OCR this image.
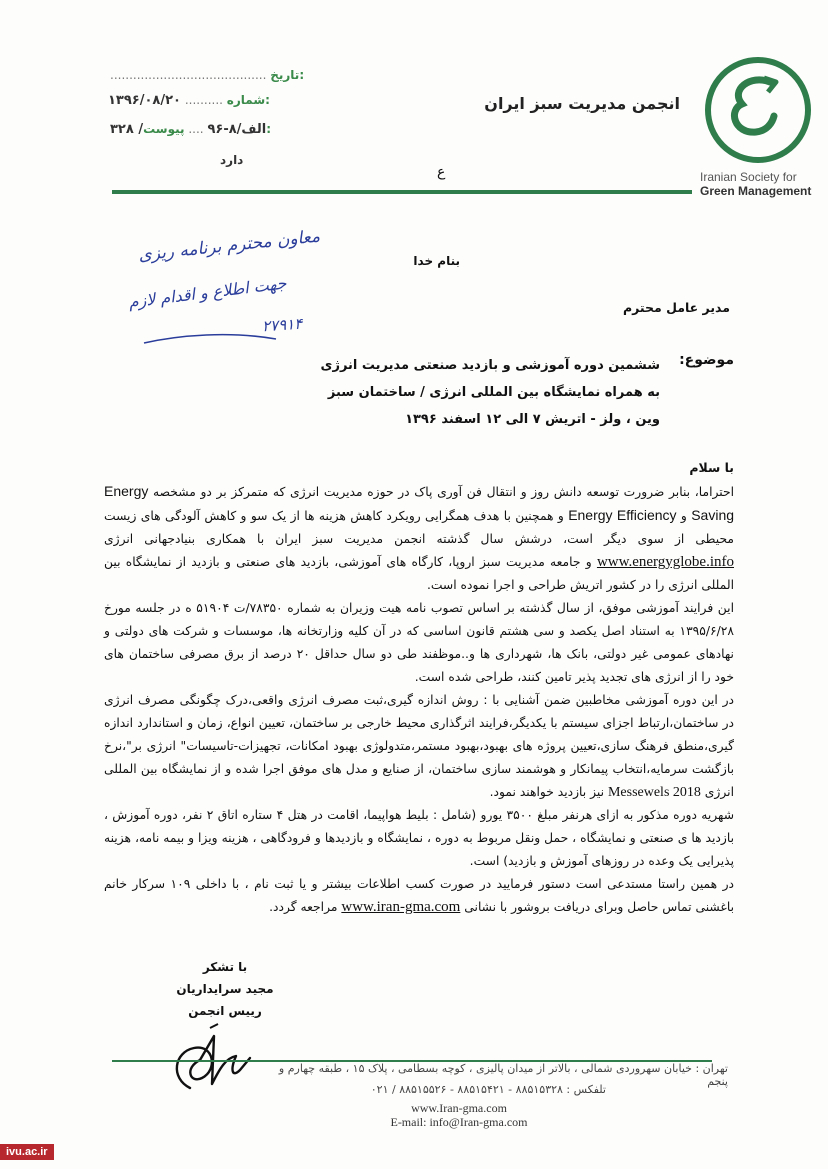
......................................... تاریخ:
۱۳۹۶/۰۸/۲۰ .......... شماره:
۳۲۸ /الف/۸-۹۶ .... پیوست	:
دارد
ع
انجمن مدیریت سبز ایران
Iranian Society for
Green Management
معاون محترم برنامه ریزی
جهت اطلاع و اقدام لازم
۲۷۹۱۴
بنام خدا
مدیر عامل محترم
موضوع:
ششمین دوره آموزشی و بازدید صنعتی مدیریت انرژی
به همراه نمایشگاه بین المللی انرژی / ساختمان سبز
وین ، ولز - اتریش ۷ الی ۱۲ اسفند ۱۳۹۶
با سلام

احتراما، بنابر ضرورت توسعه دانش روز و انتقال فن آوری پاک در حوزه مدیریت انرژی که متمرکز بر دو مشخصه Energy Saving و Energy Efficiency و همچنین با هدف همگرایی رویکرد کاهش هزینه ها از یک سو و کاهش آلودگی های زیست محیطی از سوی دیگر است، درشش سال گذشته انجمن مدیریت سبز ایران با همکاری بنیادجهانی انرژی www.energyglobe.info و جامعه مدیریت سبز اروپا، کارگاه های آموزشی، بازدید های صنعتی و بازدید از نمایشگاه بین المللی انرژی را در کشور اتریش طراحی و اجرا نموده است.

این فرایند آموزشی موفق، از سال گذشته بر اساس تصوب نامه هیت وزیران به شماره ۷۸۳۵۰/ت ۵۱۹۰۴ ه در جلسه مورخ ۱۳۹۵/۶/۲۸ به استناد اصل یکصد و سی هشتم قانون اساسی که در آن کلیه وزارتخانه ها، موسسات و شرکت های دولتی و نهادهای عمومی غیر دولتی، بانک ها، شهرداری ها و..موظفند طی دو سال حداقل ۲۰ درصد از برق مصرفی ساختمان های خود را از انرژی های تجدید پذیر تامین کنند، طراحی شده است.

در این دوره آموزشی مخاطبین ضمن آشنایی با : روش اندازه گیری،ثبت مصرف انرژی واقعی،درک چگونگی مصرف انرژی در ساختمان،ارتباط اجزای سیستم با یکدیگر،فرایند اثرگذاری محیط خارجی بر ساختمان، تعیین انواع، زمان و استاندارد اندازه گیری،منطق فرهنگ سازی،تعیین پروژه های بهبود،بهبود مستمر،متدولوژی بهبود امکانات، تجهیزات-تاسیسات" انرژی بر"،نرخ بازگشت سرمایه،انتخاب پیمانکار و هوشمند سازی ساختمان، از صنایع و مدل های موفق اجرا شده و از نمایشگاه بین المللی انرژی Messewels 2018 نیز بازدید خواهند نمود.

شهریه دوره مذکور به ازای هرنفر مبلغ ۳۵۰۰ یورو (شامل : بلیط هواپیما، اقامت در هتل ۴ ستاره اتاق ۲ نفر، دوره آموزش ، بازدید ها ی صنعتی و نمایشگاه ، حمل ونقل مربوط به دوره ، نمایشگاه و بازدیدها و فرودگاهی ، هزینه ویزا و بیمه نامه، هزینه پذیرایی یک وعده در روزهای آموزش و بازدید) است.

در همین راستا مستدعی است دستور فرمایید در صورت کسب اطلاعات بیشتر و یا ثبت نام ، با داخلی ۱۰۹ سرکار خانم باغشنی تماس حاصل وبرای دریافت بروشور با نشانی www.iran-gma.com مراجعه گردد.

با تشکر
مجید سرایداریان
رییس انجمن
تهران : خیابان سهروردی شمالی ، بالاتر از میدان پالیزی ، کوچه بسطامی ، پلاک ۱۵ ، طبقه چهارم و پنجم
تلفکس : ۸۸۵۱۵۳۲۸ - ۸۸۵۱۵۴۲۱ - ۸۸۵۱۵۵۲۶ / ۰۲۱
www.Iran-gma.com
E-mail: info@Iran-gma.com
ivu.ac.ir
